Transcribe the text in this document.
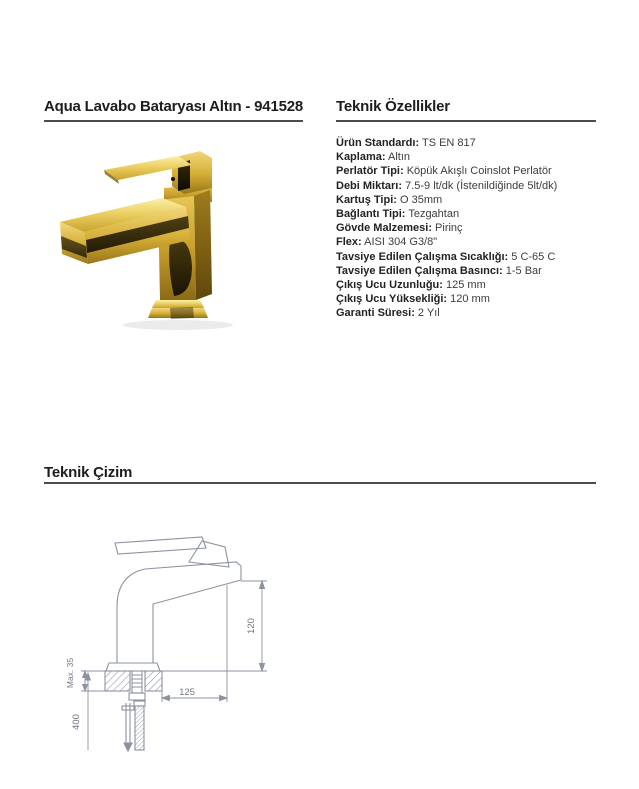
Aqua Lavabo Bataryası Altın - 941528 Teknik Özellikler
Ürün Standardı: TS EN 817
Kaplama: Altın
Perlatör Tipi: Köpük Akışlı Coinslot Perlatör
Debi Miktarı: 7.5-9 lt/dk (İstenildiğinde 5lt/dk)
Kartuş Tipi: O 35mm
Bağlantı Tipi: Tezgahtan
Gövde Malzemesi: Pirinç
Flex: AISI 304 G3/8"
Tavsiye Edilen Çalışma Sıcaklığı: 5 C-65 C
Tavsiye Edilen Çalışma Basıncı: 1-5 Bar
Çıkış Ucu Uzunluğu: 125 mm
Çıkış Ucu Yüksekliği: 120 mm
Garanti Süresi: 2 Yıl
Teknik Çizim
120
125
Max. 35
400
